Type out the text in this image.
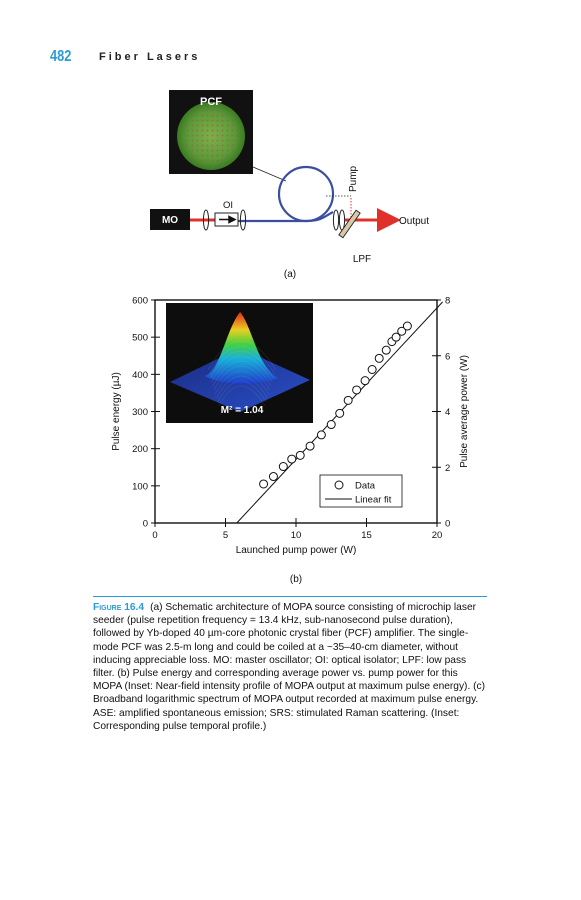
482	Fiber Lasers
PCF
MO
OI
Output
Pump
LPF
(a)
M² = 1.04
0
100
200
300
400
500
600
0
2
4
6
8
0	5	10	15	20
Launched pump power (W)
Pulse energy (µJ)	Pulse average power (W)
Data
Linear fit
(b)
Figure 16.4 (a) Schematic architecture of MOPA source consisting of microchip laser seeder (pulse repetition frequency = 13.4 kHz, sub-nanosecond pulse duration), followed by Yb-doped 40 µm-core photonic crystal fiber (PCF) amplifier. The single-mode PCF was 2.5-m long and could be coiled at a ~35–40-cm diameter, without inducing appreciable loss. MO: master oscillator; OI: optical isolator; LPF: low pass filter. (b) Pulse energy and corresponding average power vs. pump power for this MOPA (Inset: Near-field intensity profile of MOPA output at maximum pulse energy). (c) Broadband logarithmic spectrum of MOPA output recorded at maximum pulse energy. ASE: amplified spontaneous emission; SRS: stimulated Raman scattering. (Inset: Corresponding pulse temporal profile.)
